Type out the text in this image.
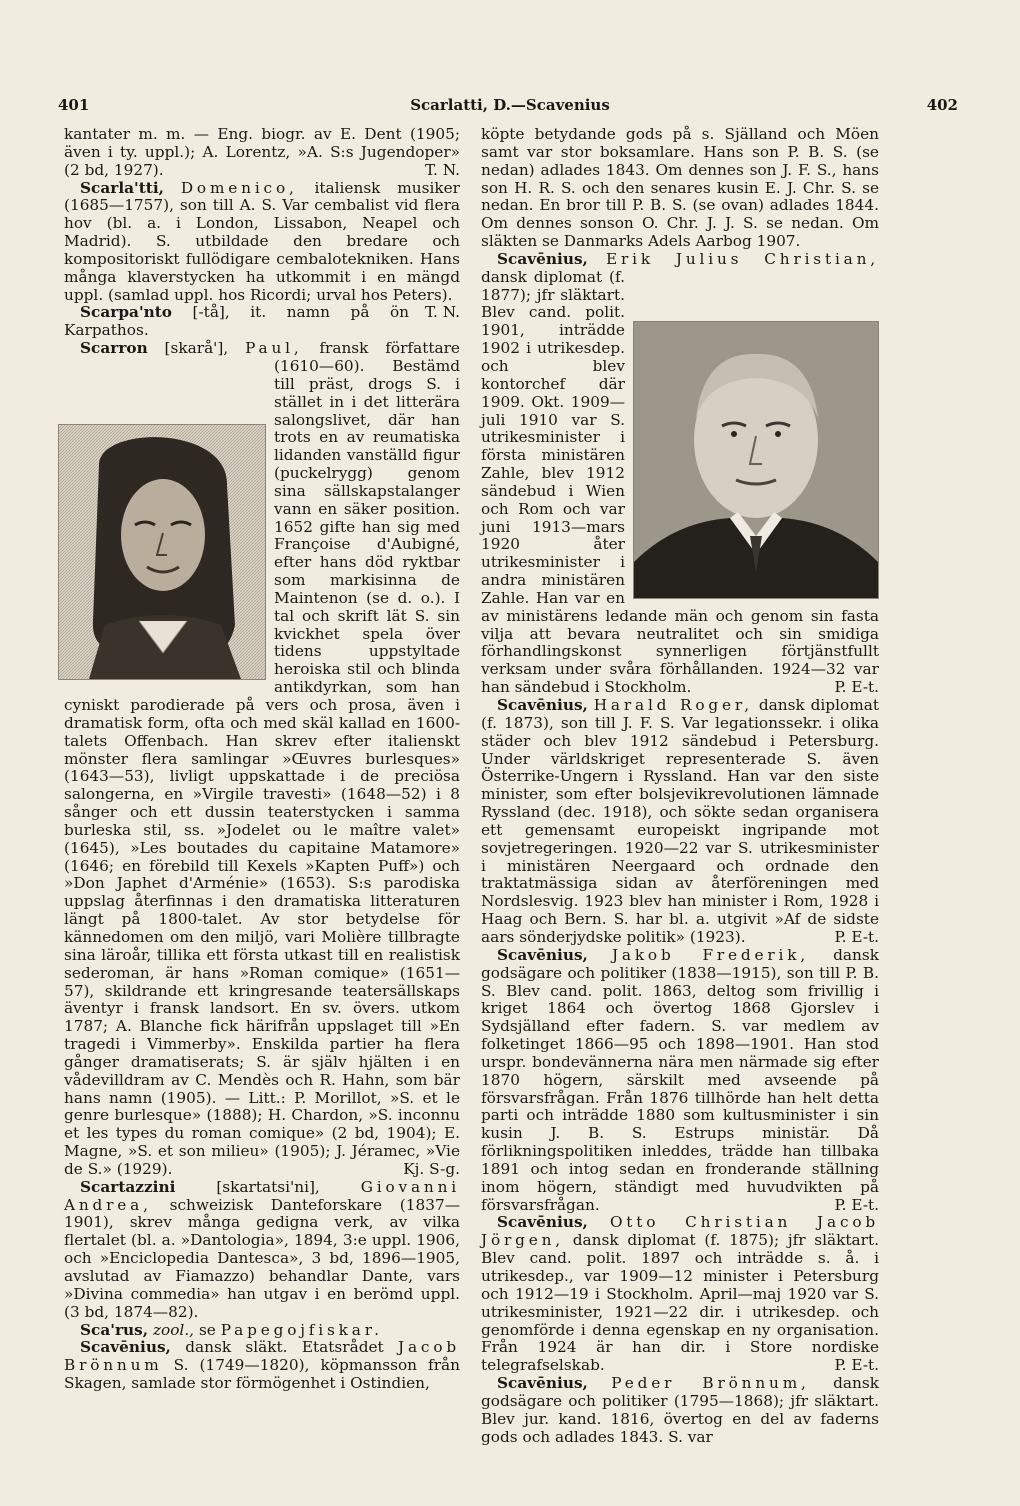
401	Scarlatti, D.—Scavenius	402

kantater m. m. — Eng. biogr. av E. Dent (1905; även i ty. uppl.); A. Lorentz, »A. S:s Jugendoper» (2 bd, 1927).	T. N.

Scarla'tti, Domenico, italiensk musiker (1685—1757), son till A. S. Var cembalist vid flera hov (bl. a. i London, Lissabon, Neapel och Madrid). S. utbildade den bredare och kompositoriskt fullödigare cembalotekniken. Hans många klaverstycken ha utkommit i en mängd uppl. (samlad uppl. hos Ricordi; urval hos Peters).
T. N.

Scarpa'nto [-tå], it. namn på ön Karpathos.

Scarron [skarå'], Paul, fransk författare (1610—60). Bestämd till präst, drogs S. i stället in i det litterära salongslivet, där han trots en av reumatiska lidanden vanställd figur (puckelrygg) genom sina sällskapstalanger vann en säker position. 1652 gifte han sig med Françoise d'Aubigné, efter hans död ryktbar som markisinna de Maintenon (se d. o.). I tal och skrift lät S. sin kvickhet spela över tidens uppstyltade heroiska stil och blinda antikdyrkan, som han cyniskt parodierade på vers och prosa, även i dramatisk form, ofta och med skäl kallad en 1600-talets Offenbach. Han skrev efter italienskt mönster flera samlingar »Œuvres burlesques» (1643—53), livligt uppskattade i de preciösa salongerna, en »Virgile travesti» (1648—52) i 8 sånger och ett dussin teaterstycken i samma burleska stil, ss. »Jodelet ou le maître valet» (1645), »Les boutades du capitaine Matamore» (1646; en förebild till Kexels »Kapten Puff») och »Don Japhet d'Arménie» (1653). S:s parodiska uppslag återfinnas i den dramatiska litteraturen längt på 1800-talet. Av stor betydelse för kännedomen om den miljö, vari Molière tillbragte sina läroår, tillika ett första utkast till en realistisk sederoman, är hans »Roman comique» (1651—57), skildrande ett kringresande teatersällskaps äventyr i fransk landsort. En sv. övers. utkom 1787; A. Blanche fick härifrån uppslaget till »En tragedi i Vimmerby». Enskilda partier ha flera gånger dramatiserats; S. är själv hjälten i en vådevilldram av C. Mendès och R. Hahn, som bär hans namn (1905). — Litt.: P. Morillot, »S. et le genre burlesque» (1888); H. Chardon, »S. inconnu et les types du roman comique» (2 bd, 1904); E. Magne, »S. et son milieu» (1905); J. Jéramec, »Vie de S.» (1929).	Kj. S-g.

Scartazzini	[skartatsi'ni],	Giovanni Andrea, schweizisk Danteforskare (1837—1901), skrev många gedigna verk, av vilka flertalet (bl. a. »Dantologia», 1894, 3:e uppl. 1906, och »Enciclopedia Dantesca», 3 bd, 1896—1905, avslutad av Fiamazzo) behandlar Dante, vars »Divina commedia» han utgav i en berömd uppl. (3 bd, 1874—82).

Sca'rus, zool., se Papegojfiskar.

Scavēnius, dansk släkt. Etatsrådet Jacob Brönnum S. (1749—1820), köpmansson från Skagen, samlade stor förmögenhet i Ostindien,

köpte betydande gods på s. Själland och Möen samt var stor boksamlare. Hans son P. B. S. (se nedan) adlades 1843. Om dennes son J. F. S., hans son H. R. S. och den senares kusin E. J. Chr. S. se nedan. En bror till P. B. S. (se ovan) adlades 1844. Om dennes sonson O. Chr. J. J. S. se nedan. Om släkten se Danmarks Adels Aarbog 1907.

Scavēnius, Erik Julius Christian,
dansk diplomat (f. 1877); jfr släktart. Blev cand. polit. 1901, inträdde 1902 i utrikesdep. och blev kontorchef där 1909. Okt. 1909—juli 1910 var S. utrikesminister i första ministären Zahle, blev 1912 sändebud i Wien och Rom och var juni 1913—mars 1920 åter utrikesminister i andra ministären Zahle. Han var en av ministärens ledande män och genom sin fasta vilja att bevara neutralitet och sin smidiga förhandlingskonst synnerligen förtjänstfullt verksam under svåra förhållanden. 1924—32 var han sändebud i Stockholm.	P. E-t.

Scavēnius, Harald Roger, dansk diplomat (f. 1873), son till J. F. S. Var legationssekr. i olika städer och blev 1912 sändebud i Petersburg. Under världskriget representerade S. även Österrike-Ungern i Ryssland. Han var den siste minister, som efter bolsjevikrevolutionen lämnade Ryssland (dec. 1918), och sökte sedan organisera ett gemensamt europeiskt ingripande mot sovjetregeringen. 1920—22 var S. utrikesminister i ministären Neergaard och ordnade den traktatmässiga sidan av återföreningen med Nordslesvig. 1923 blev han minister i Rom, 1928 i Haag och Bern. S. har bl. a. utgivit »Af de sidste aars sönderjydske politik» (1923).	P. E-t.

Scavēnius, Jakob Frederik, dansk godsägare och politiker (1838—1915), son till P. B. S. Blev cand. polit. 1863, deltog som frivillig i kriget 1864 och övertog 1868 Gjorslev i Sydsjälland efter fadern. S. var medlem av folketinget 1866—95 och 1898—1901. Han stod urspr. bondevännerna nära men närmade sig efter 1870 högern, särskilt med avseende på försvarsfrågan. Från 1876 tillhörde han helt detta parti och inträdde 1880 som kultusminister i sin kusin J. B. S. Estrups ministär. Då förlikningspolitiken inleddes, trädde han tillbaka 1891 och intog sedan en fronderande ställning inom högern, ständigt med huvudvikten på försvarsfrågan.	P. E-t.

Scavēnius, Otto Christian Jacob Jörgen, dansk diplomat (f. 1875); jfr släktart. Blev cand. polit. 1897 och inträdde s. å. i utrikesdep., var 1909—12 minister i Petersburg och 1912—19 i Stockholm. April—maj 1920 var S. utrikesminister, 1921—22 dir. i utrikesdep. och genomförde i denna egenskap en ny organisation. Från 1924 är han dir. i Store nordiske telegrafselskab.	P. E-t.

Scavēnius, Peder Brönnum, dansk godsägare och politiker (1795—1868); jfr släktart. Blev jur. kand. 1816, övertog en del av faderns gods och adlades 1843. S. var
